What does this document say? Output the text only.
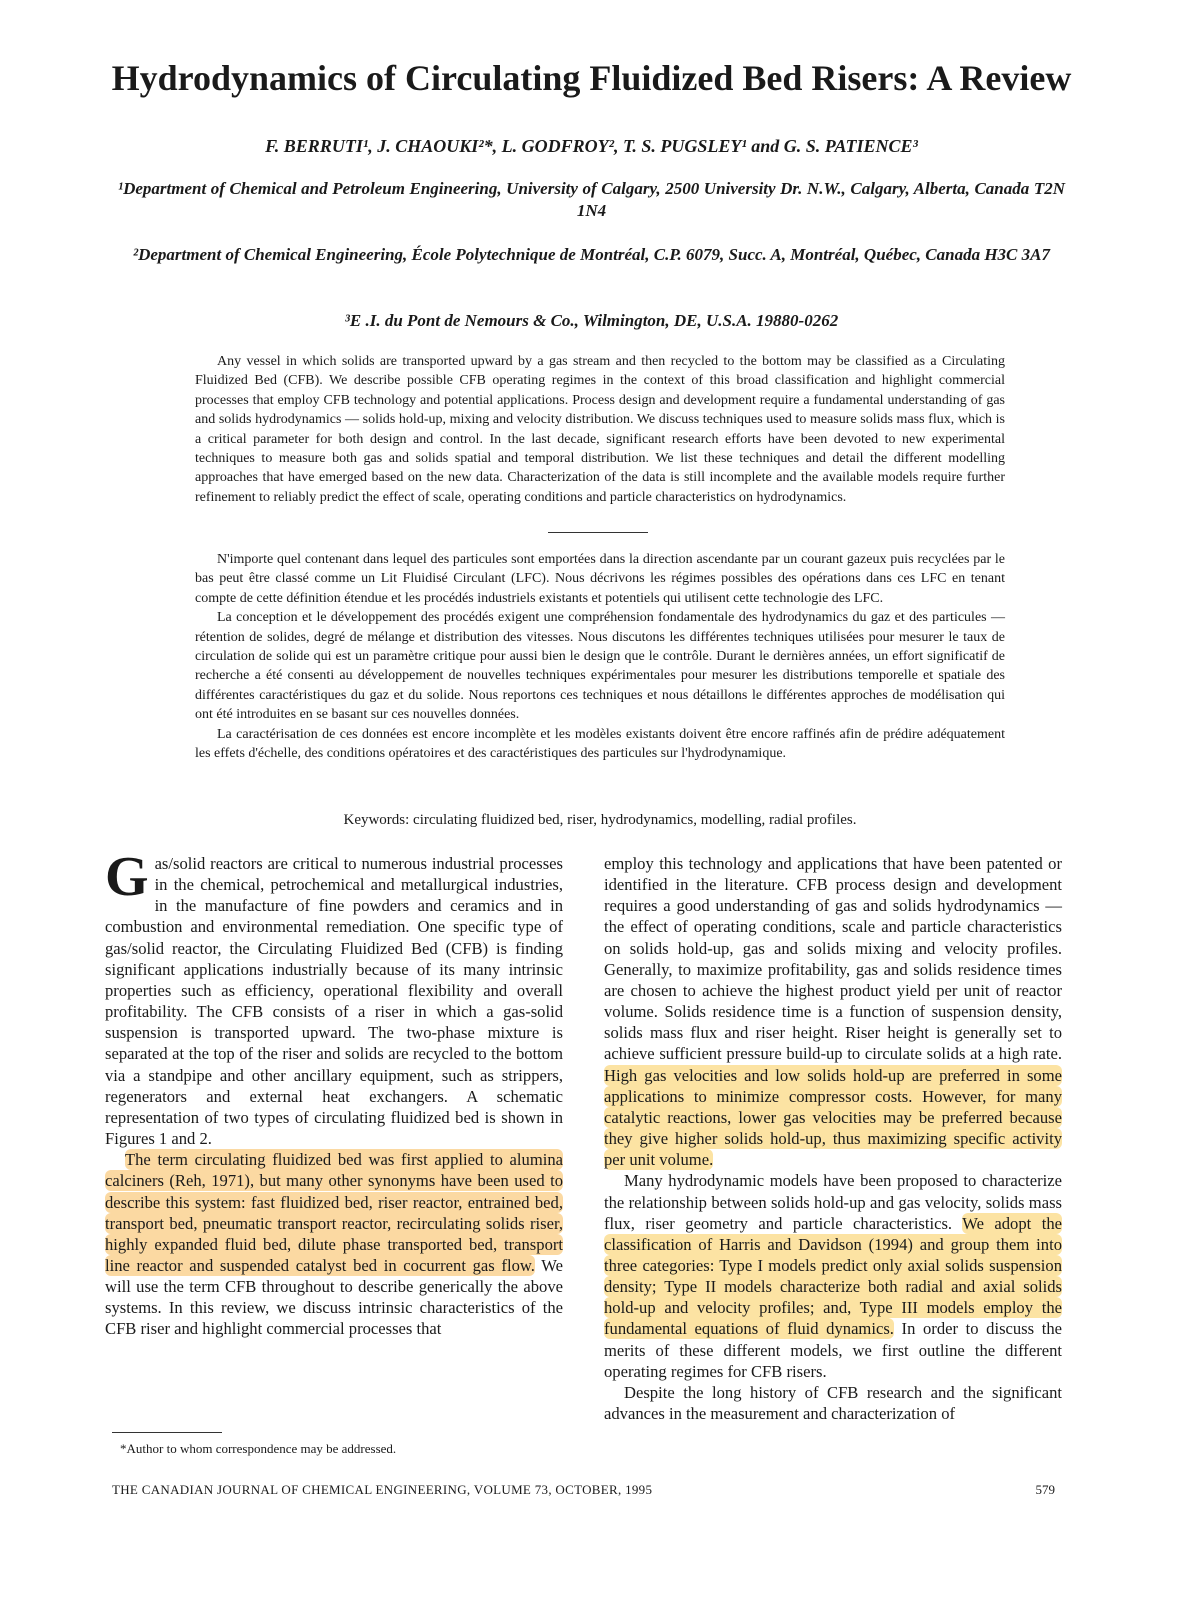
Hydrodynamics of Circulating Fluidized Bed Risers: A Review
F. BERRUTI¹, J. CHAOUKI²*, L. GODFROY², T. S. PUGSLEY¹ and G. S. PATIENCE³
¹Department of Chemical and Petroleum Engineering, University of Calgary, 2500 University Dr. N.W., Calgary, Alberta, Canada T2N 1N4
²Department of Chemical Engineering, École Polytechnique de Montréal, C.P. 6079, Succ. A, Montréal, Québec, Canada H3C 3A7
³E .I. du Pont de Nemours & Co., Wilmington, DE, U.S.A. 19880-0262

Any vessel in which solids are transported upward by a gas stream and then recycled to the bottom may be classified as a Circulating Fluidized Bed (CFB). We describe possible CFB operating regimes in the context of this broad classification and highlight commercial processes that employ CFB technology and potential applications. Process design and development require a fundamental understanding of gas and solids hydrodynamics — solids hold-up, mixing and velocity distribution. We discuss techniques used to measure solids mass flux, which is a critical parameter for both design and control. In the last decade, significant research efforts have been devoted to new experimental techniques to measure both gas and solids spatial and temporal distribution. We list these techniques and detail the different modelling approaches that have emerged based on the new data. Characterization of the data is still incomplete and the available models require further refinement to reliably predict the effect of scale, operating conditions and particle characteristics on hydrodynamics.

N'importe quel contenant dans lequel des particules sont emportées dans la direction ascendante par un courant gazeux puis recyclées par le bas peut être classé comme un Lit Fluidisé Circulant (LFC). Nous décrivons les régimes possibles des opérations dans ces LFC en tenant compte de cette définition étendue et les procédés industriels existants et potentiels qui utilisent cette technologie des LFC.

La conception et le développement des procédés exigent une compréhension fondamentale des hydrodynamics du gaz et des particules — rétention de solides, degré de mélange et distribution des vitesses. Nous discutons les différentes techniques utilisées pour mesurer le taux de circulation de solide qui est un paramètre critique pour aussi bien le design que le contrôle. Durant le dernières années, un effort significatif de recherche a été consenti au développement de nouvelles techniques expérimentales pour mesurer les distributions temporelle et spatiale des différentes caractéristiques du gaz et du solide. Nous reportons ces techniques et nous détaillons le différentes approches de modélisation qui ont été introduites en se basant sur ces nouvelles données.

La caractérisation de ces données est encore incomplète et les modèles existants doivent être encore raffinés afin de prédire adéquatement les effets d'échelle, des conditions opératoires et des caractéristiques des particules sur l'hydrodynamique.

Keywords: circulating fluidized bed, riser, hydrodynamics, modelling, radial profiles.

Gas/solid reactors are critical to numerous industrial processes in the chemical, petrochemical and metallurgical industries, in the manufacture of fine powders and ceramics and in combustion and environmental remediation. One specific type of gas/solid reactor, the Circulating Fluidized Bed (CFB) is finding significant applications industrially because of its many intrinsic properties such as efficiency, operational flexibility and overall profitability. The CFB consists of a riser in which a gas-solid suspension is transported upward. The two-phase mixture is separated at the top of the riser and solids are recycled to the bottom via a standpipe and other ancillary equipment, such as strippers, regenerators and external heat exchangers. A schematic representation of two types of circulating fluidized bed is shown in Figures 1 and 2.

The term circulating fluidized bed was first applied to alumina calciners (Reh, 1971), but many other synonyms have been used to describe this system: fast fluidized bed, riser reactor, entrained bed, transport bed, pneumatic transport reactor, recirculating solids riser, highly expanded fluid bed, dilute phase transported bed, transport line reactor and suspended catalyst bed in cocurrent gas flow. We will use the term CFB throughout to describe generically the above systems. In this review, we discuss intrinsic characteristics of the CFB riser and highlight commercial processes that

employ this technology and applications that have been patented or identified in the literature. CFB process design and development requires a good understanding of gas and solids hydrodynamics — the effect of operating conditions, scale and particle characteristics on solids hold-up, gas and solids mixing and velocity profiles. Generally, to maximize profitability, gas and solids residence times are chosen to achieve the highest product yield per unit of reactor volume. Solids residence time is a function of suspension density, solids mass flux and riser height. Riser height is generally set to achieve sufficient pressure build-up to circulate solids at a high rate. High gas velocities and low solids hold-up are preferred in some applications to minimize compressor costs. However, for many catalytic reactions, lower gas velocities may be preferred because they give higher solids hold-up, thus maximizing specific activity per unit volume.

Many hydrodynamic models have been proposed to characterize the relationship between solids hold-up and gas velocity, solids mass flux, riser geometry and particle characteristics. We adopt the classification of Harris and Davidson (1994) and group them into three categories: Type I models predict only axial solids suspension density; Type II models characterize both radial and axial solids hold-up and velocity profiles; and, Type III models employ the fundamental equations of fluid dynamics. In order to discuss the merits of these different models, we first outline the different operating regimes for CFB risers.

Despite the long history of CFB research and the significant advances in the measurement and characterization of

*Author to whom correspondence may be addressed.
THE CANADIAN JOURNAL OF CHEMICAL ENGINEERING, VOLUME 73, OCTOBER, 1995	579
